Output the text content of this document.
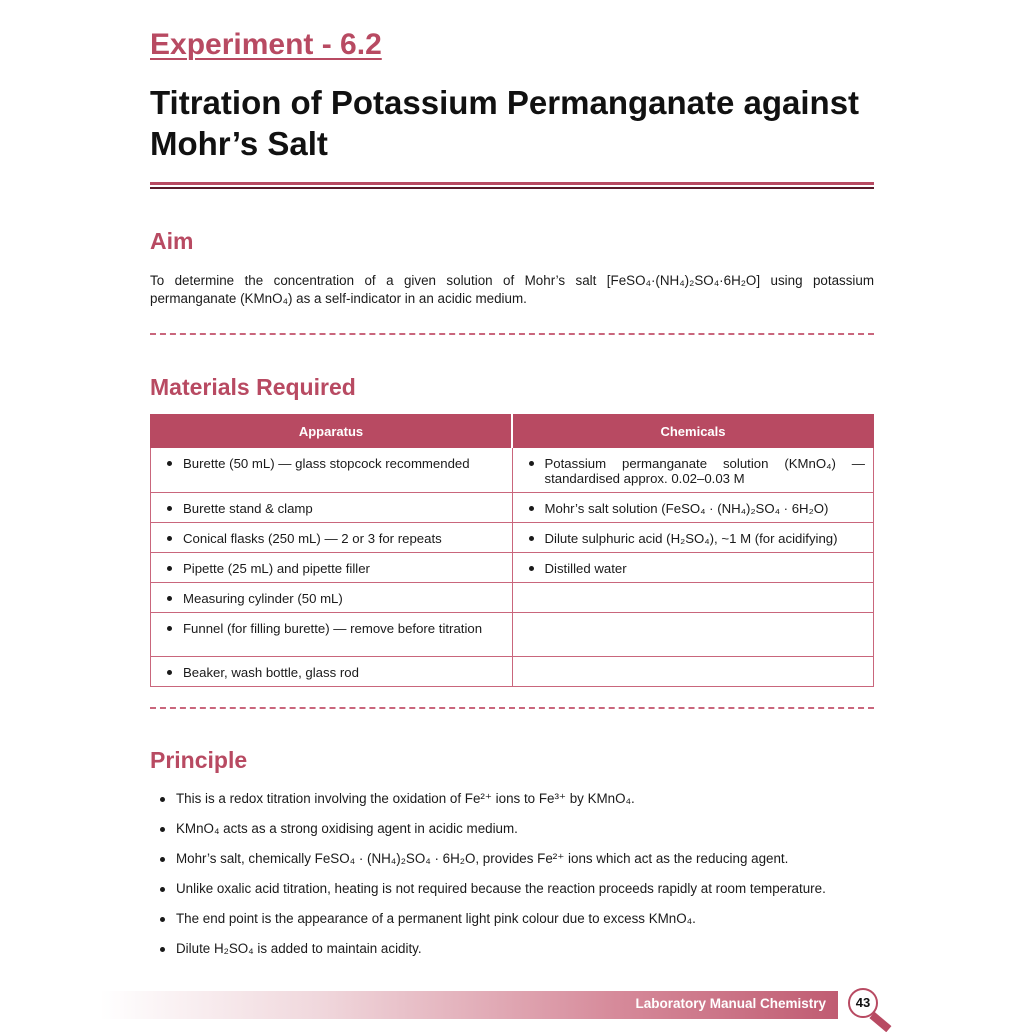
Experiment - 6.2
Titration of Potassium Permanganate against Mohr’s Salt
Aim

To determine the concentration of a given solution of Mohr’s salt [FeSO₄·(NH₄)₂SO₄·6H₂O] using potassium permanganate (KMnO₄) as a self-indicator in an acidic medium.

Materials Required
Apparatus	Chemicals

Burette (50 mL) — glass stopcock recommended	Potassium permanganate solution (KMnO₄) — standardised approx. 0.02–0.03 M

Burette stand & clamp	Mohr’s salt solution (FeSO₄ · (NH₄)₂SO₄ · 6H₂O)

Conical flasks (250 mL) — 2 or 3 for repeats	Dilute sulphuric acid (H₂SO₄), ~1 M (for acidifying)

Pipette (25 mL) and pipette filler	Distilled water

Measuring cylinder (50 mL)	

Funnel (for filling burette) — remove before titration	

Beaker, wash bottle, glass rod	

Principle
This is a redox titration involving the oxidation of Fe²⁺ ions to Fe³⁺ by KMnO₄.
KMnO₄ acts as a strong oxidising agent in acidic medium.
Mohr’s salt, chemically FeSO₄ · (NH₄)₂SO₄ · 6H₂O, provides Fe²⁺ ions which act as the reducing agent.
Unlike oxalic acid titration, heating is not required because the reaction proceeds rapidly at room temperature.
The end point is the appearance of a permanent light pink colour due to excess KMnO₄.
Dilute H₂SO₄ is added to maintain acidity.
Laboratory Manual Chemistry	43
